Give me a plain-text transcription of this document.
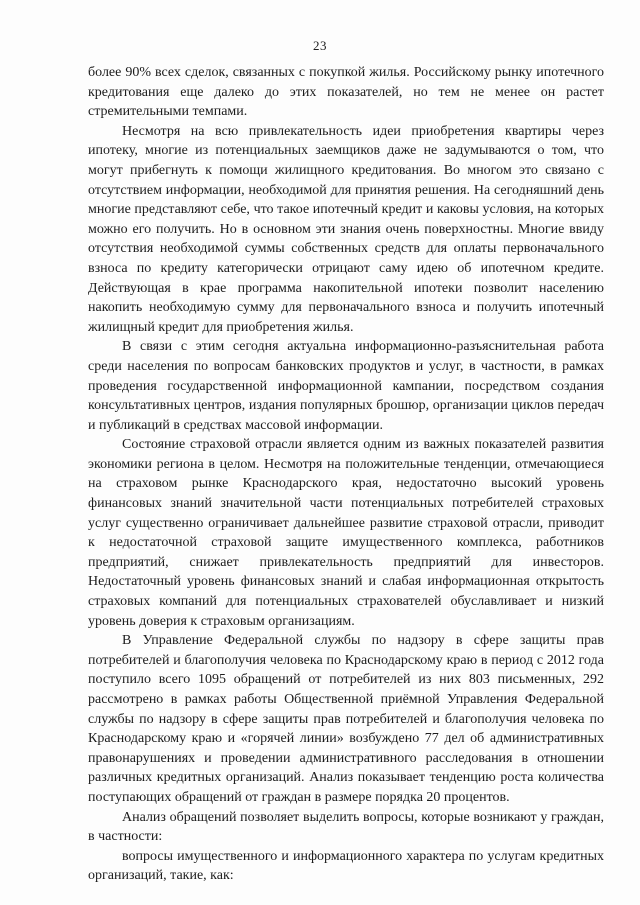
23

более 90% всех сделок, связанных с покупкой жилья. Российскому рынку ипотечного кредитования еще далеко до этих показателей, но тем не менее он растет стремительными темпами.

Несмотря на всю привлекательность идеи приобретения квартиры через ипотеку, многие из потенциальных заемщиков даже не задумываются о том, что могут прибегнуть к помощи жилищного кредитования. Во многом это связано с отсутствием информации, необходимой для принятия решения. На сегодняшний день многие представляют себе, что такое ипотечный кредит и каковы условия, на которых можно его получить. Но в основном эти знания очень поверхностны. Многие ввиду отсутствия необходимой суммы собственных средств для оплаты первоначального взноса по кредиту категорически отрицают саму идею об ипотечном кредите. Действующая в крае программа накопительной ипотеки позволит населению накопить необходимую сумму для первоначального взноса и получить ипотечный жилищный кредит для приобретения жилья.

В связи с этим сегодня актуальна информационно-разъяснительная работа среди населения по вопросам банковских продуктов и услуг, в частности, в рамках проведения государственной информационной кампании, посредством создания консультативных центров, издания популярных брошюр, организации циклов передач и публикаций в средствах массовой информации.

Состояние страховой отрасли является одним из важных показателей развития экономики региона в целом. Несмотря на положительные тенденции, отмечающиеся на страховом рынке Краснодарского края, недостаточно высокий уровень финансовых знаний значительной части потенциальных потребителей страховых услуг существенно ограничивает дальнейшее развитие страховой отрасли, приводит к недостаточной страховой защите имущественного комплекса, работников предприятий, снижает привлекательность предприятий для инвесторов. Недостаточный уровень финансовых знаний и слабая информационная открытость страховых компаний для потенциальных страхователей обуславливает и низкий уровень доверия к страховым организациям.

В Управление Федеральной службы по надзору в сфере защиты прав потребителей и благополучия человека по Краснодарскому краю в период с 2012 года поступило всего 1095 обращений от потребителей из них 803 письменных, 292 рассмотрено в рамках работы Общественной приёмной Управления Федеральной службы по надзору в сфере защиты прав потребителей и благополучия человека по Краснодарскому краю и «горячей линии» возбуждено 77 дел об административных правонарушениях и проведении административного расследования в отношении различных кредитных организаций. Анализ показывает тенденцию роста количества поступающих обращений от граждан в размере порядка 20 процентов.

Анализ обращений позволяет выделить вопросы, которые возникают у граждан, в частности:

вопросы имущественного и информационного характера по услугам кредитных организаций, такие, как:
